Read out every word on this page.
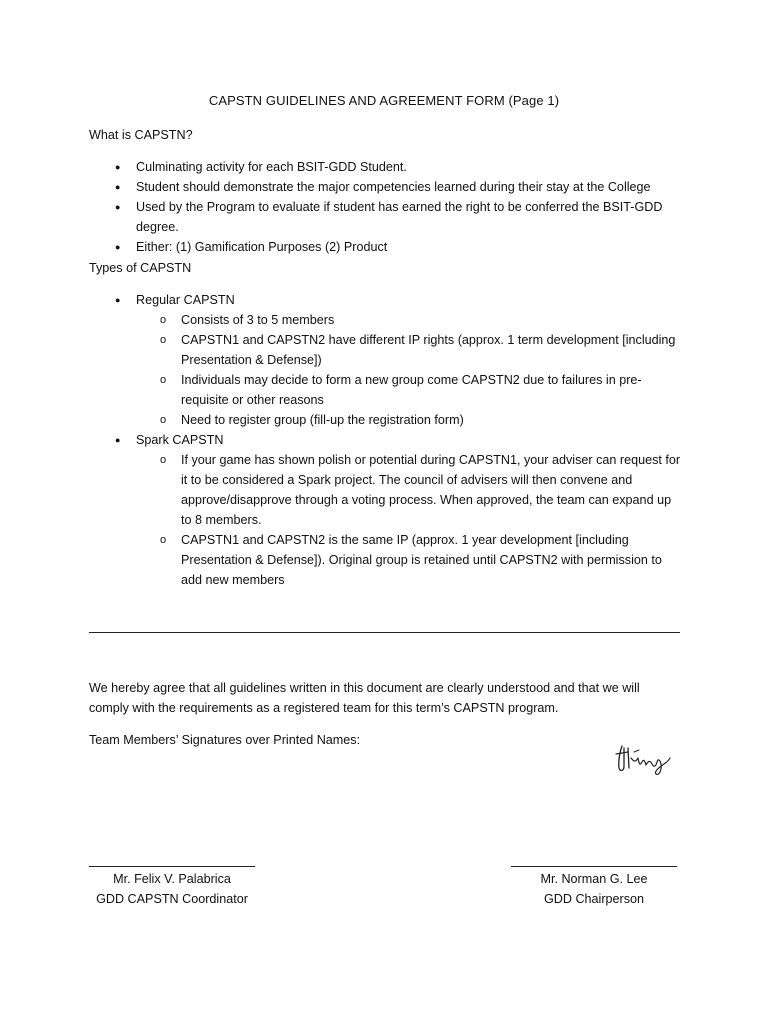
CAPSTN GUIDELINES AND AGREEMENT FORM (Page 1)
What is CAPSTN?
● Culminating activity for each BSIT-GDD Student.
● Student should demonstrate the major competencies learned during their stay at the College
● Used by the Program to evaluate if student has earned the right to be conferred the BSIT-GDD
degree.
● Either: (1) Gamification Purposes (2) Product
Types of CAPSTN
● Regular CAPSTN
o Consists of 3 to 5 members
o CAPSTN1 and CAPSTN2 have different IP rights (approx. 1 term development [including
Presentation & Defense])
o Individuals may decide to form a new group come CAPSTN2 due to failures in pre-
requisite or other reasons
o Need to register group (fill-up the registration form)
● Spark CAPSTN
o If your game has shown polish or potential during CAPSTN1, your adviser can request for
it to be considered a Spark project. The council of advisers will then convene and
approve/disapprove through a voting process. When approved, the team can expand up
to 8 members.
o CAPSTN1 and CAPSTN2 is the same IP (approx. 1 year development [including
Presentation & Defense]). Original group is retained until CAPSTN2 with permission to
add new members
We hereby agree that all guidelines written in this document are clearly understood and that we will
comply with the requirements as a registered team for this term’s CAPSTN program.
Team Members’ Signatures over Printed Names:
Mr. Felix V. Palabrica
GDD CAPSTN Coordinator
Mr. Norman G. Lee
GDD Chairperson
